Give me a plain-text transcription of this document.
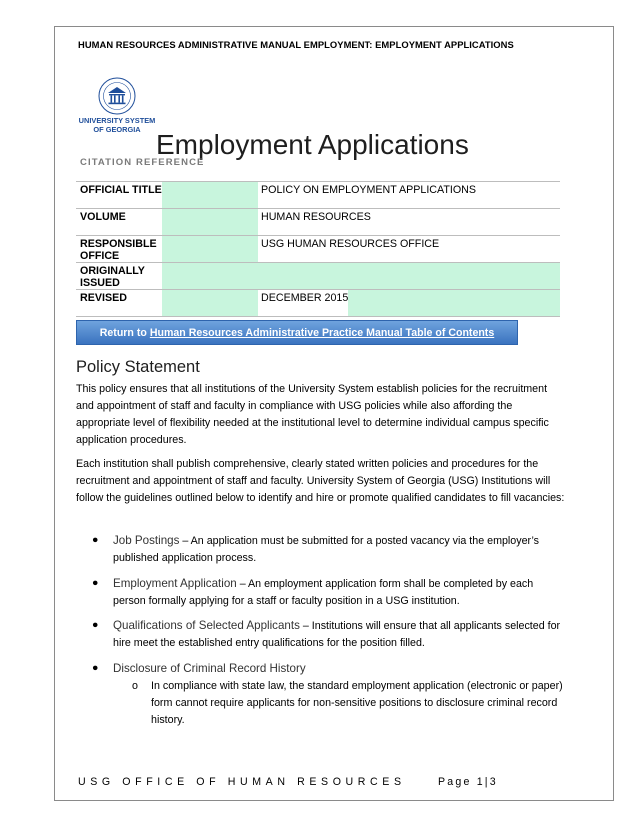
HUMAN RESOURCES ADMINISTRATIVE MANUAL EMPLOYMENT: EMPLOYMENT APPLICATIONS
UNIVERSITY SYSTEM
OF GEORGIA Employment Applications
CITATION REFERENCE
OFFICIAL TITLE		POLICY ON EMPLOYMENT APPLICATIONS
VOLUME		HUMAN RESOURCES
RESPONSIBLE OFFICE		USG HUMAN RESOURCES OFFICE
ORIGINALLY ISSUED		
REVISED		DECEMBER 2015
Return to Human Resources Administrative Practice Manual Table of Contents
Policy Statement

This policy ensures that all institutions of the University System establish policies for the recruitment and appointment of staff and faculty in compliance with USG policies while also affording the appropriate level of flexibility needed at the institutional level to determine individual campus specific application procedures.

Each institution shall publish comprehensive, clearly stated written policies and procedures for the recruitment and appointment of staff and faculty. University System of Georgia (USG) Institutions will follow the guidelines outlined below to identify and hire or promote qualified candidates to fill vacancies:

●	Job Postings – An application must be submitted for a posted vacancy via the employer’s published application process.
●	Employment Application – An employment application form shall be completed by each person formally applying for a staff or faculty position in a USG institution.
●	Qualifications of Selected Applicants – Institutions will ensure that all applicants selected for hire meet the established entry qualifications for the position filled.
●	Disclosure of Criminal Record History
o In compliance with state law, the standard employment application (electronic or paper) form cannot require applicants for non-sensitive positions to disclosure criminal record history.
USG OFFICE OF HUMAN RESOURCES	Page 1|3
